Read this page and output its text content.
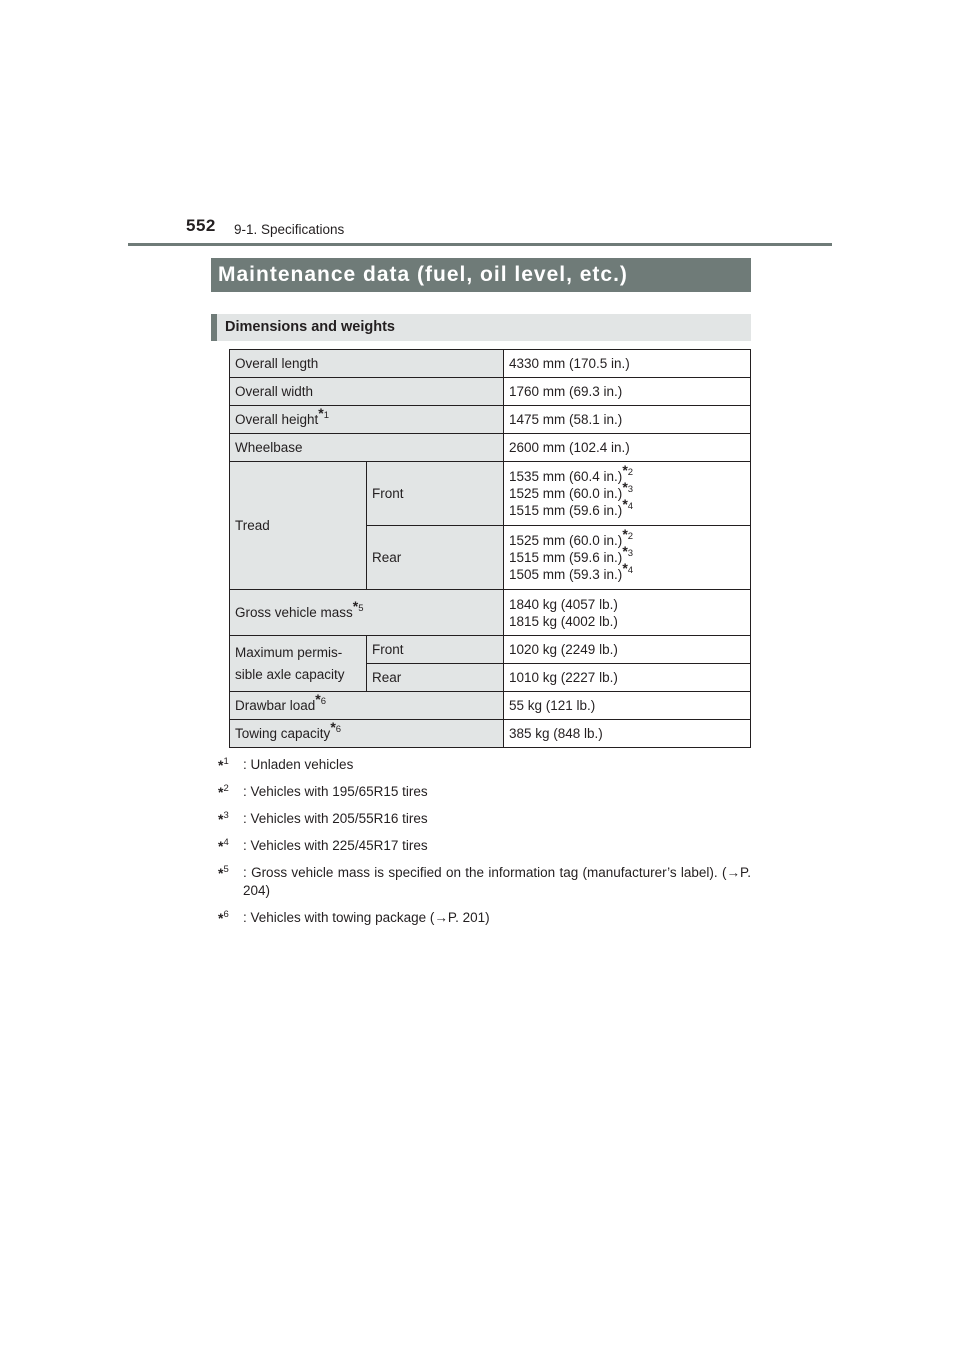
552 9-1. Specifications
Maintenance data (fuel, oil level, etc.)
Dimensions and weights
Overall length		4330 mm (170.5 in.)
Overall width		1760 mm (69.3 in.)
Overall height$^{*1}$		1475 mm (58.1 in.)
Wheelbase		2600 mm (102.4 in.)
Tread	Front	1535 mm (60.4 in.)$^{*2}$
1525 mm (60.0 in.)$^{*3}$
1515 mm (59.6 in.)$^{*4}$

	Rear	1525 mm (60.0 in.)$^{*2}$
1515 mm (59.6 in.)$^{*3}$
1505 mm (59.3 in.)$^{*4}$

Gross vehicle mass$^{*5}$		1840 kg (4057 lb.)
1815 kg (4002 lb.)

Maximum permis-
sible axle capacity	Front	1020 kg (2249 lb.)
	Rear	1010 kg (2227 lb.)
Drawbar load$^{*6}$		55 kg (121 lb.)
Towing capacity$^{*6}$		385 kg (848 lb.)
*$^1$ : Unladen vehicles
*$^2$ : Vehicles with 195/65R15 tires
*$^3$ : Vehicles with 205/55R16 tires
*$^4$ : Vehicles with 225/45R17 tires
*$^5$ : Gross vehicle mass is specified on the information tag (manufacturer’s label). (→P. 204)
*$^6$ : Vehicles with towing package (→P. 201)
